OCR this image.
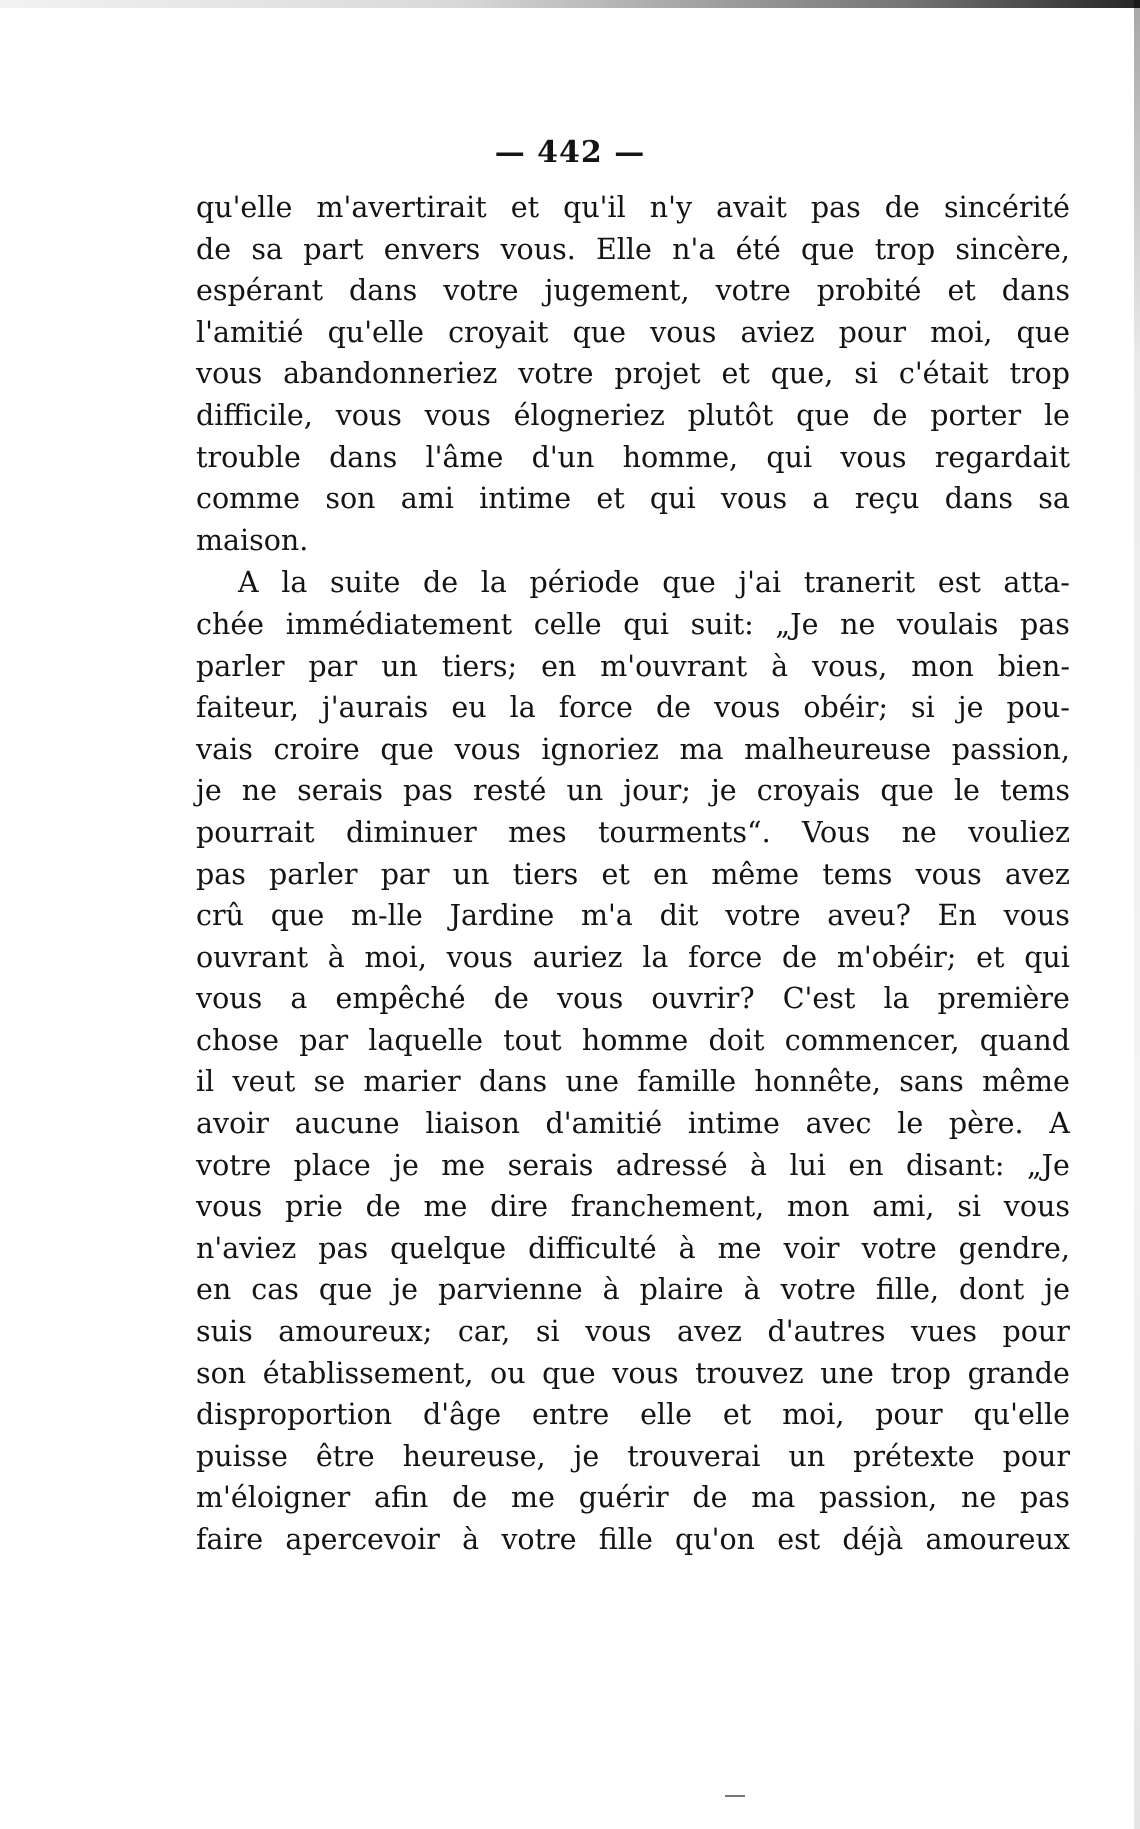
— 442 —
qu'elle m'avertirait et qu'il n'y avait pas de sincérité
de sa part envers vous. Elle n'a été que trop sincère,
espérant dans votre jugement, votre probité et dans
l'amitié qu'elle croyait que vous aviez pour moi, que
vous abandonneriez votre projet et que, si c'était trop
difficile, vous vous élogneriez plutôt que de porter le
trouble dans l'âme d'un homme, qui vous regardait
comme son ami intime et qui vous a reçu dans sa
maison.
A la suite de la période que j'ai tranerit est atta-
chée immédiatement celle qui suit: „Je ne voulais pas
parler par un tiers; en m'ouvrant à vous, mon bien-
faiteur, j'aurais eu la force de vous obéir; si je pou-
vais croire que vous ignoriez ma malheureuse passion,
je ne serais pas resté un jour; je croyais que le tems
pourrait diminuer mes tourments“. Vous ne vouliez
pas parler par un tiers et en même tems vous avez
crû que m-lle Jardine m'a dit votre aveu? En vous
ouvrant à moi, vous auriez la force de m'obéir; et qui
vous a empêché de vous ouvrir? C'est la première
chose par laquelle tout homme doit commencer, quand
il veut se marier dans une famille honnête, sans même
avoir aucune liaison d'amitié intime avec le père. A
votre place je me serais adressé à lui en disant: „Je
vous prie de me dire franchement, mon ami, si vous
n'aviez pas quelque difficulté à me voir votre gendre,
en cas que je parvienne à plaire à votre fille, dont je
suis amoureux; car, si vous avez d'autres vues pour
son établissement, ou que vous trouvez une trop grande
disproportion d'âge entre elle et moi, pour qu'elle
puisse être heureuse, je trouverai un prétexte pour
m'éloigner afin de me guérir de ma passion, ne pas
faire apercevoir à votre fille qu'on est déjà amoureux
